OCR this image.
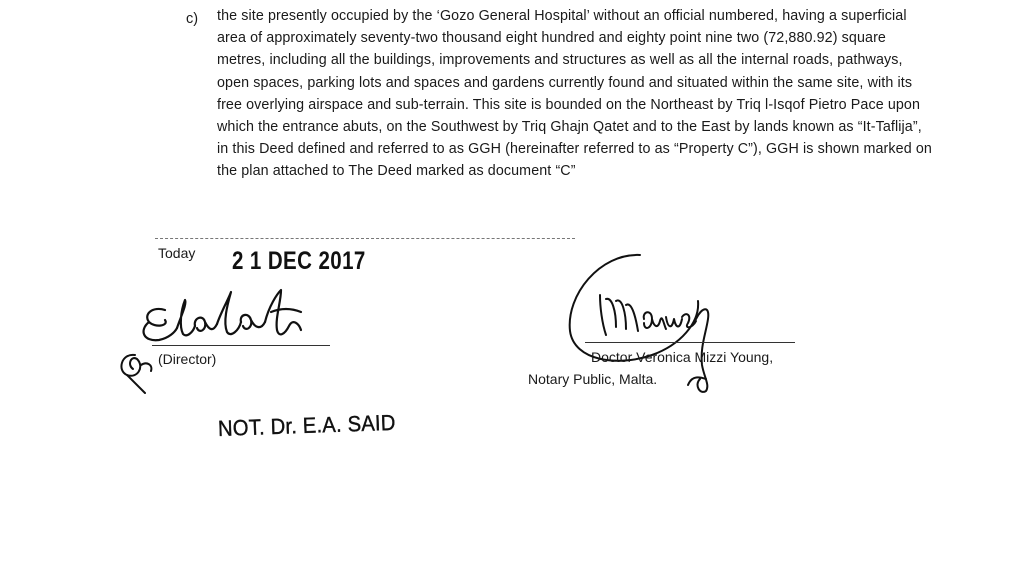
c) the site presently occupied by the ‘Gozo General Hospital’ without an official numbered, having a superficial
area of approximately seventy-two thousand eight hundred and eighty point nine two (72,880.92) square
metres, including all the buildings, improvements and structures as well as all the internal roads, pathways,
open spaces, parking lots and spaces and gardens currently found and situated within the same site, with its
free overlying airspace and sub-terrain. This site is bounded on the Northeast by Triq l-Isqof Pietro Pace upon
which the entrance abuts, on the Southwest by Triq Ghajn Qatet and to the East by lands known as “It-Taflija”,
in this Deed defined and referred to as GGH (hereinafter referred to as “Property C”), GGH is shown marked on
the plan attached to The Deed marked as document “C”
Today 2 1 DEC 2017
(Director)	Doctor Veronica Mizzi Young,
Notary Public, Malta.
NOT. Dr. E.A. SAID
